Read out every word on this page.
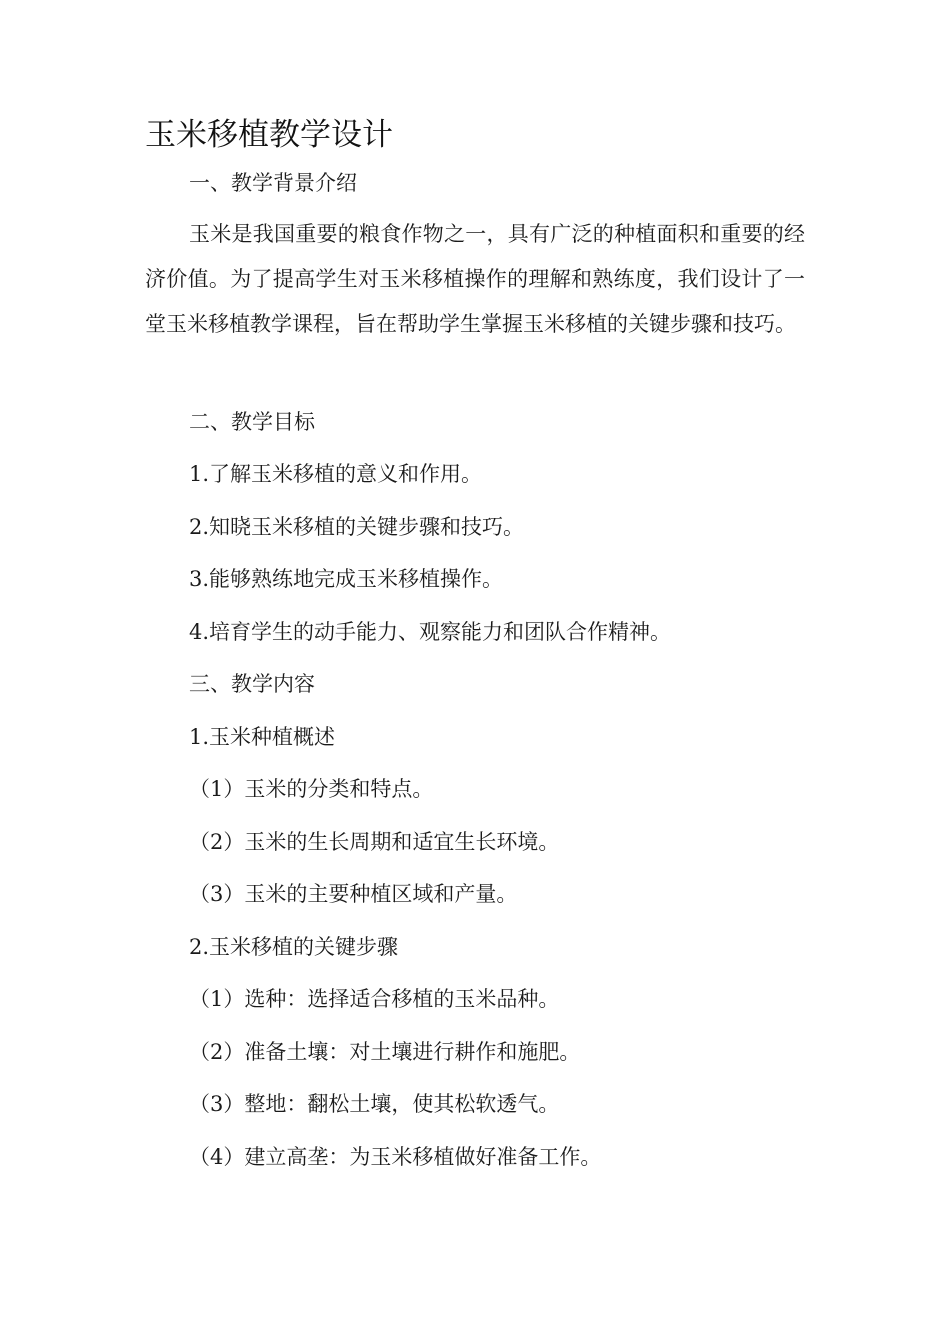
玉米移植教学设计

一、教学背景介绍

玉米是我国重要的粮食作物之一，具有广泛的种植面积和重要的经济价值。为了提高学生对玉米移植操作的理解和熟练度，我们设计了一堂玉米移植教学课程，旨在帮助学生掌握玉米移植的关键步骤和技巧。

二、教学目标

1.了解玉米移植的意义和作用。

2.知晓玉米移植的关键步骤和技巧。

3.能够熟练地完成玉米移植操作。

4.培育学生的动手能力、观察能力和团队合作精神。

三、教学内容

1.玉米种植概述

（1）玉米的分类和特点。

（2）玉米的生长周期和适宜生长环境。

（3）玉米的主要种植区域和产量。

2.玉米移植的关键步骤

（1）选种：选择适合移植的玉米品种。

（2）准备土壤：对土壤进行耕作和施肥。

（3）整地：翻松土壤，使其松软透气。

（4）建立高垄：为玉米移植做好准备工作。
